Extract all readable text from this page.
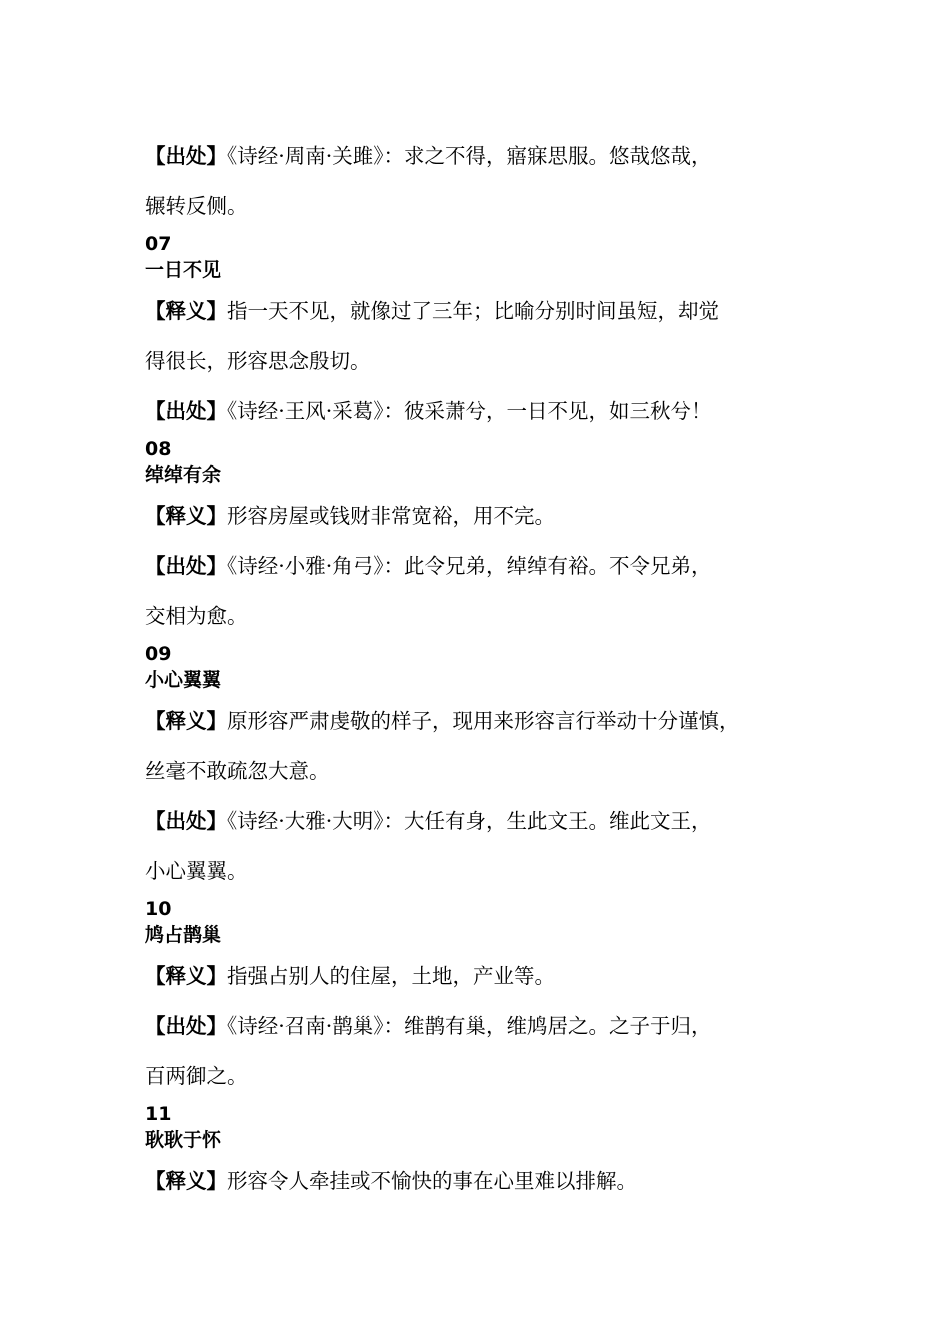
【出处】《诗经·周南·关雎》：求之不得，寤寐思服。悠哉悠哉，

辗转反侧。

07
一日不见

【释义】指一天不见，就像过了三年；比喻分别时间虽短，却觉

得很长，形容思念殷切。

【出处】《诗经·王风·采葛》：彼采萧兮，一日不见，如三秋兮！

08
绰绰有余

【释义】形容房屋或钱财非常宽裕，用不完。

【出处】《诗经·小雅·角弓》：此令兄弟，绰绰有裕。不令兄弟，

交相为愈。

09
小心翼翼

【释义】原形容严肃虔敬的样子，现用来形容言行举动十分谨慎，

丝毫不敢疏忽大意。

【出处】《诗经·大雅·大明》：大任有身，生此文王。维此文王，

小心翼翼。

10
鸠占鹊巢

【释义】指强占别人的住屋，土地，产业等。

【出处】《诗经·召南·鹊巢》：维鹊有巢，维鸠居之。之子于归，

百两御之。

11
耿耿于怀

【释义】形容令人牵挂或不愉快的事在心里难以排解。
